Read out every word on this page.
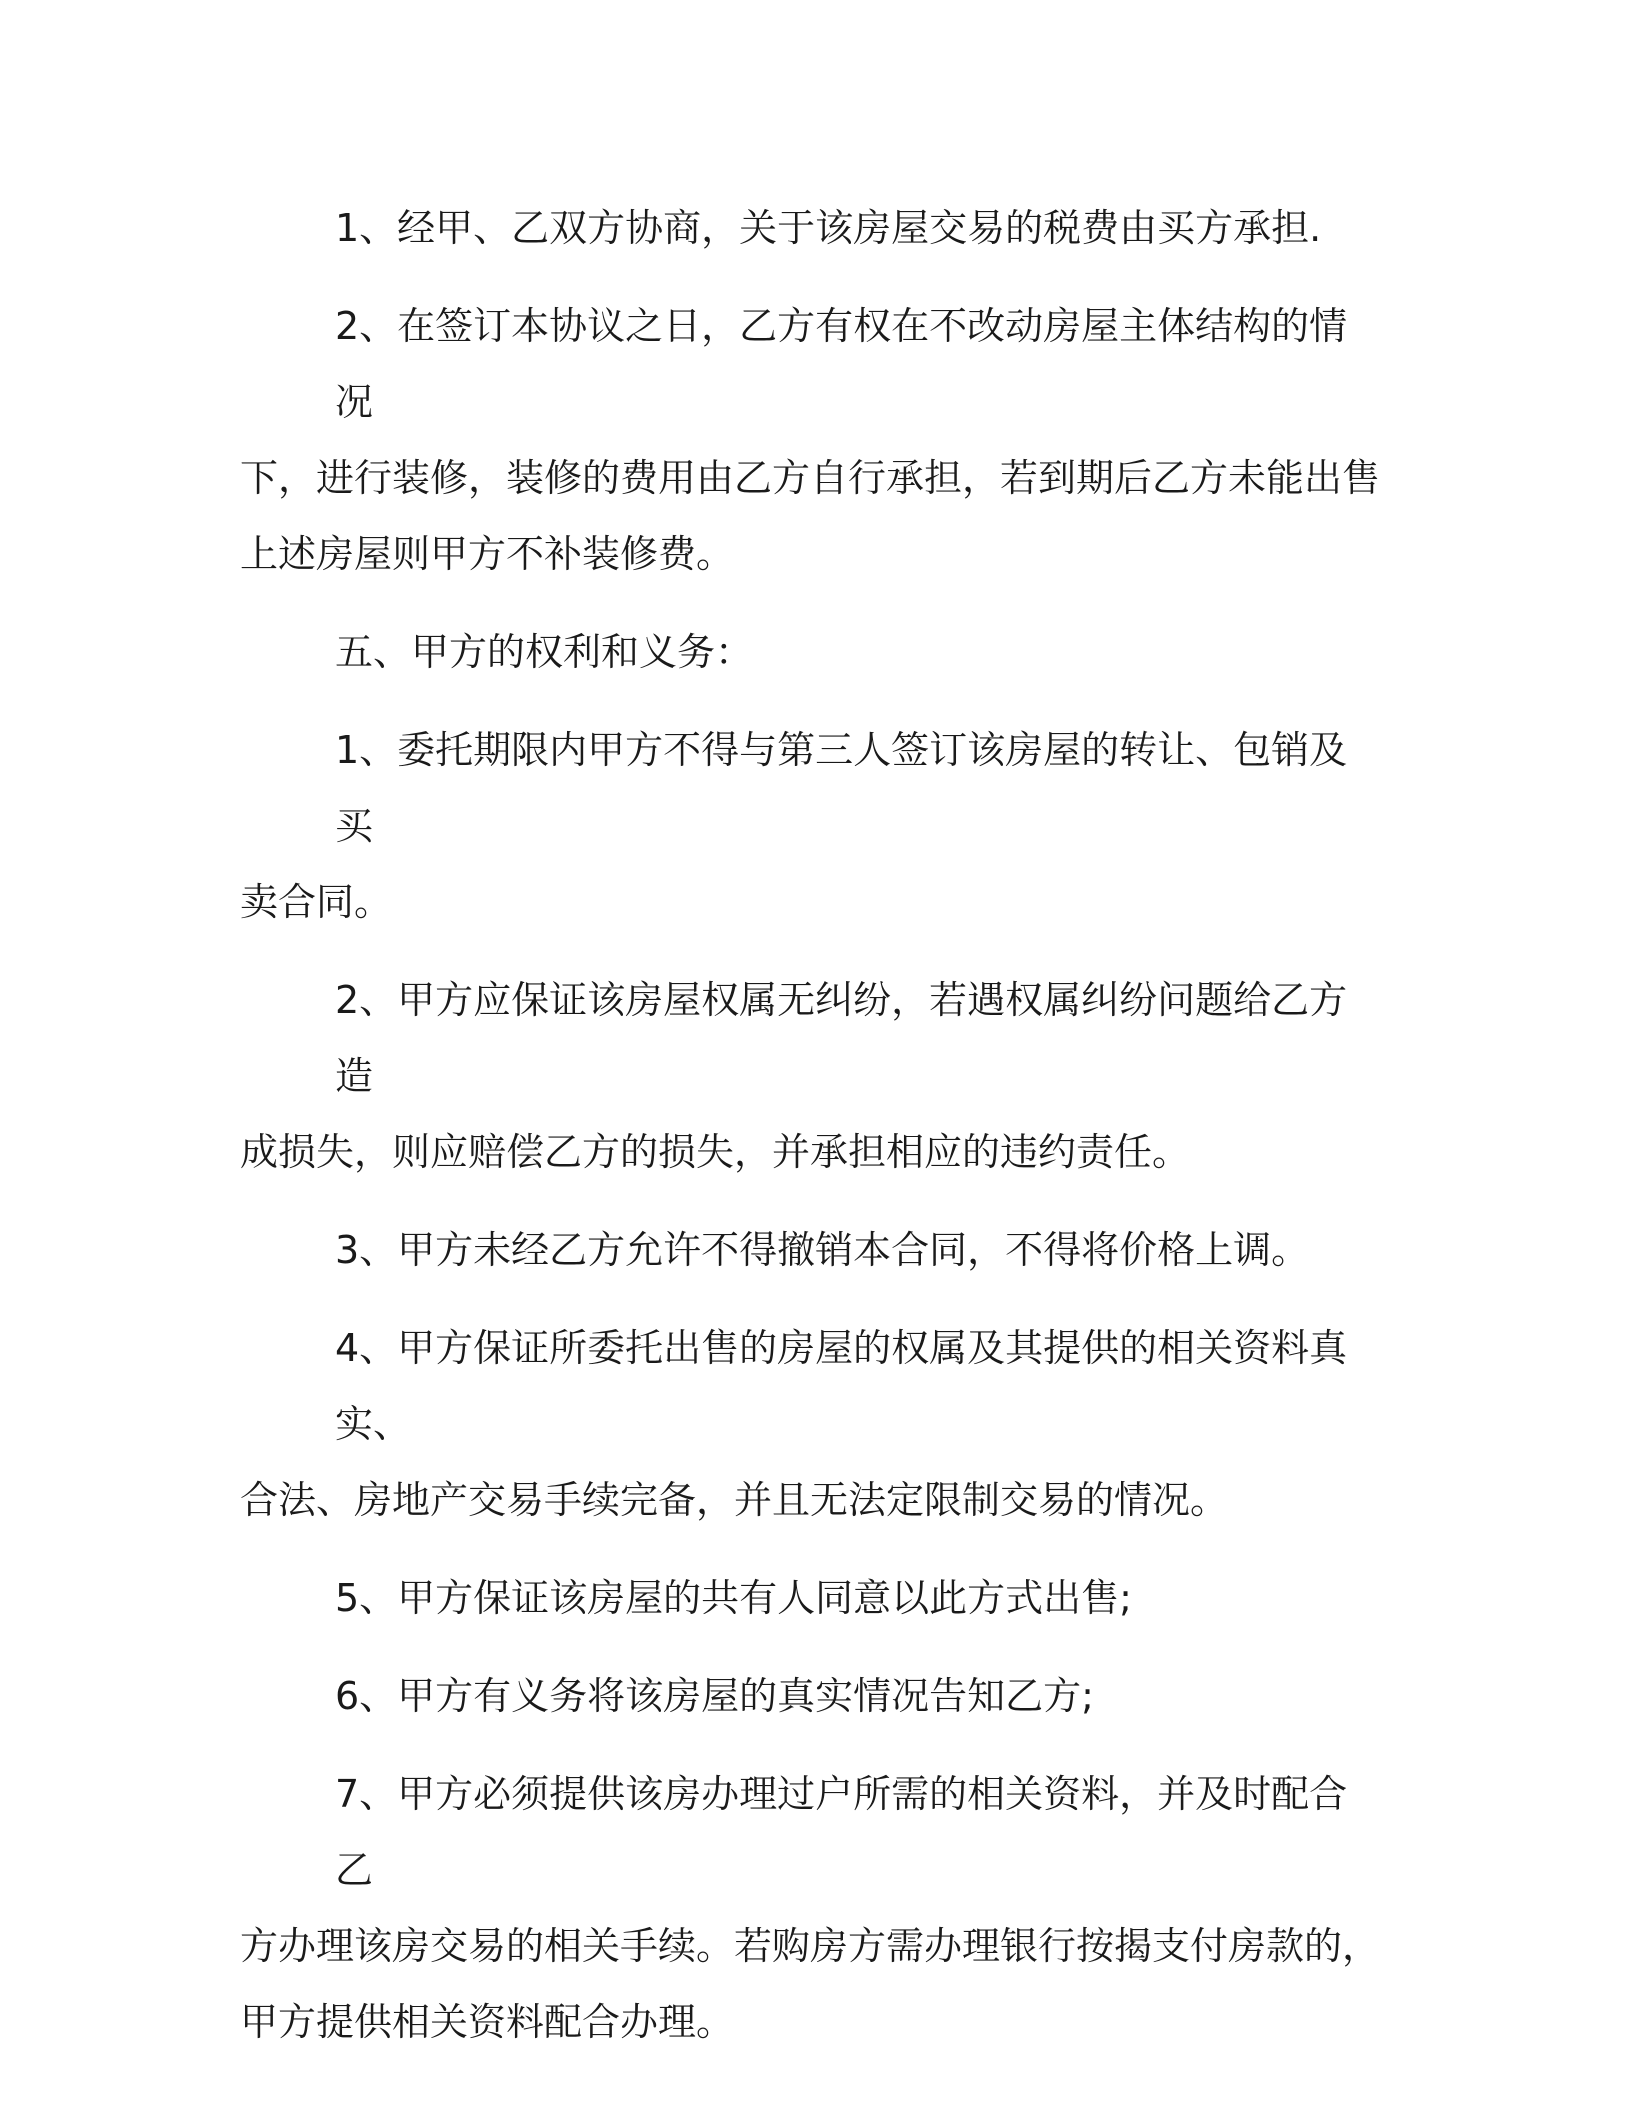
1、经甲、乙双方协商，关于该房屋交易的税费由买方承担.
2、在签订本协议之日，乙方有权在不改动房屋主体结构的情况
下，进行装修，装修的费用由乙方自行承担，若到期后乙方未能出售
上述房屋则甲方不补装修费。
五、甲方的权利和义务：
1、委托期限内甲方不得与第三人签订该房屋的转让、包销及买
卖合同。
2、甲方应保证该房屋权属无纠纷，若遇权属纠纷问题给乙方造
成损失，则应赔偿乙方的损失，并承担相应的违约责任。
3、甲方未经乙方允许不得撤销本合同，不得将价格上调。
4、甲方保证所委托出售的房屋的权属及其提供的相关资料真实、
合法、房地产交易手续完备，并且无法定限制交易的情况。
5、甲方保证该房屋的共有人同意以此方式出售;
6、甲方有义务将该房屋的真实情况告知乙方;
7、甲方必须提供该房办理过户所需的相关资料，并及时配合乙
方办理该房交易的相关手续。若购房方需办理银行按揭支付房款的，
甲方提供相关资料配合办理。
